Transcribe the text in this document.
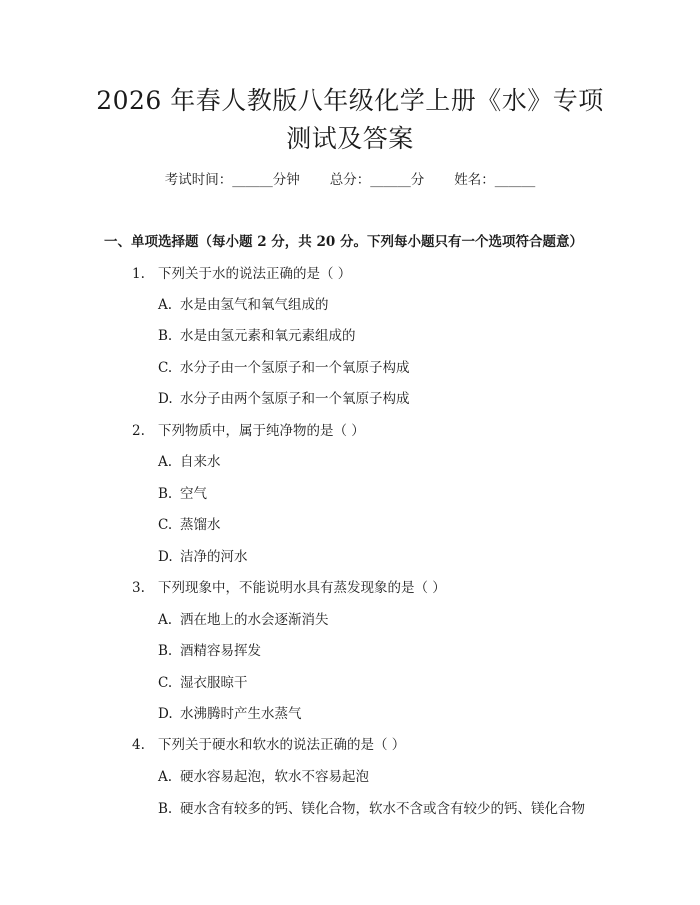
2026 年春人教版八年级化学上册《水》专项
测试及答案
考试时间：______分钟 总分：______分 姓名：______
一、单项选择题（每小题 2 分，共 20 分。下列每小题只有一个选项符合题意）
1. 下列关于水的说法正确的是（ ）
A. 水是由氢气和氧气组成的
B. 水是由氢元素和氧元素组成的
C. 水分子由一个氢原子和一个氧原子构成
D. 水分子由两个氢原子和一个氧原子构成
2. 下列物质中，属于纯净物的是（ ）
A. 自来水
B. 空气
C. 蒸馏水
D. 洁净的河水
3. 下列现象中，不能说明水具有蒸发现象的是（ ）
A. 洒在地上的水会逐渐消失
B. 酒精容易挥发
C. 湿衣服晾干
D. 水沸腾时产生水蒸气
4. 下列关于硬水和软水的说法正确的是（ ）
A. 硬水容易起泡，软水不容易起泡
B. 硬水含有较多的钙、镁化合物，软水不含或含有较少的钙、镁化合物
